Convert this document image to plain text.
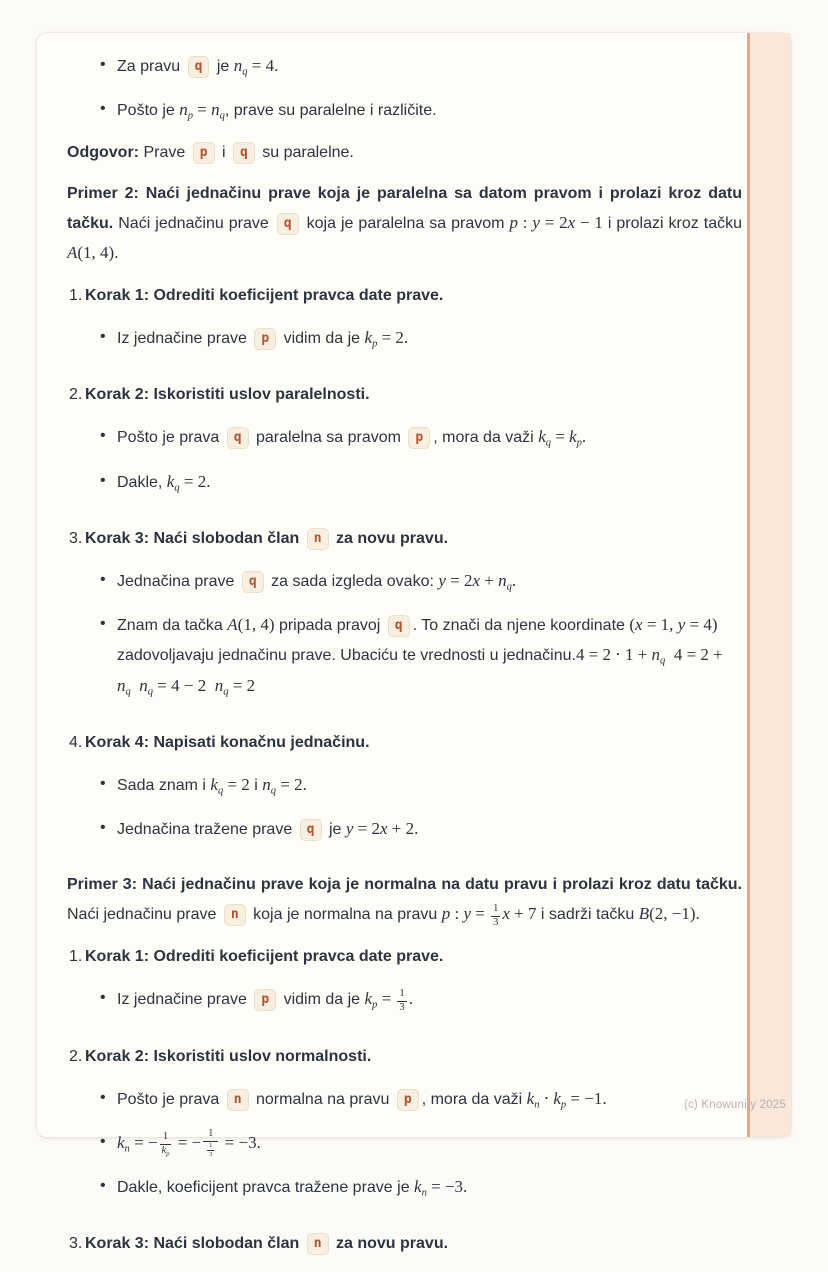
• Za pravu q je $n_q = 4$.
• Pošto je $n_p = n_q$, prave su paralelne i različite.
Odgovor: Prave p i q su paralelne.
Primer 2: Naći jednačinu prave koja je paralelna sa datom pravom i prolazi kroz datu tačku. Naći jednačinu prave q koja je paralelna sa pravom p : y = 2x − 1 i prolazi kroz tačku A(1, 4).
1. Korak 1: Odrediti koeficijent pravca date prave.
• Iz jednačine prave p vidim da je $k_p = 2$.
2. Korak 2: Iskoristiti uslov paralelnosti.
• Pošto je prava q paralelna sa pravom p , mora da važi $k_q = k_p$.
• Dakle, $k_q = 2$.
3. Korak 3: Naći slobodan član n za novu pravu.
• Jednačina prave q za sada izgleda ovako: $y = 2x + n_q$.
• Znam da tačka A(1, 4) pripada pravoj q . To znači da njene koordinate (x = 1, y = 4) zadovoljavaju jednačinu prave. Ubaciću te vrednosti u jednačinu.4 = $2 \cdot 1 + n_q$  $4 = 2 + n_q$  $n_q = 4 - 2$  $n_q = 2$
4. Korak 4: Napisati konačnu jednačinu.
• Sada znam i $k_q = 2$ i $n_q = 2$.
• Jednačina tražene prave q je y = 2x + 2.
Primer 3: Naći jednačinu prave koja je normalna na datu pravu i prolazi kroz datu tačku. Naći jednačinu prave n koja je normalna na pravu p : $y = \frac{1}{3}$ x + 7 i sadrži tačku B(2, −1).
1. Korak 1: Odrediti koeficijent pravca date prave.
• Iz jednačine prave p vidim da je $k_p = \frac{1}{3}$ .
2. Korak 2: Iskoristiti uslov normalnosti.
• Pošto je prava n normalna na pravu p , mora da važi $k_n \cdot k_p = -1$.
• $k_n$ = − $\frac{1}{k_p}$ = − $\frac{1}{\frac{1}{3}} = -3$.
• Dakle, koeficijent pravca tražene prave je $k_n = -3$.
3. Korak 3: Naći slobodan član n za novu pravu.
(c) Knowunity 2025
